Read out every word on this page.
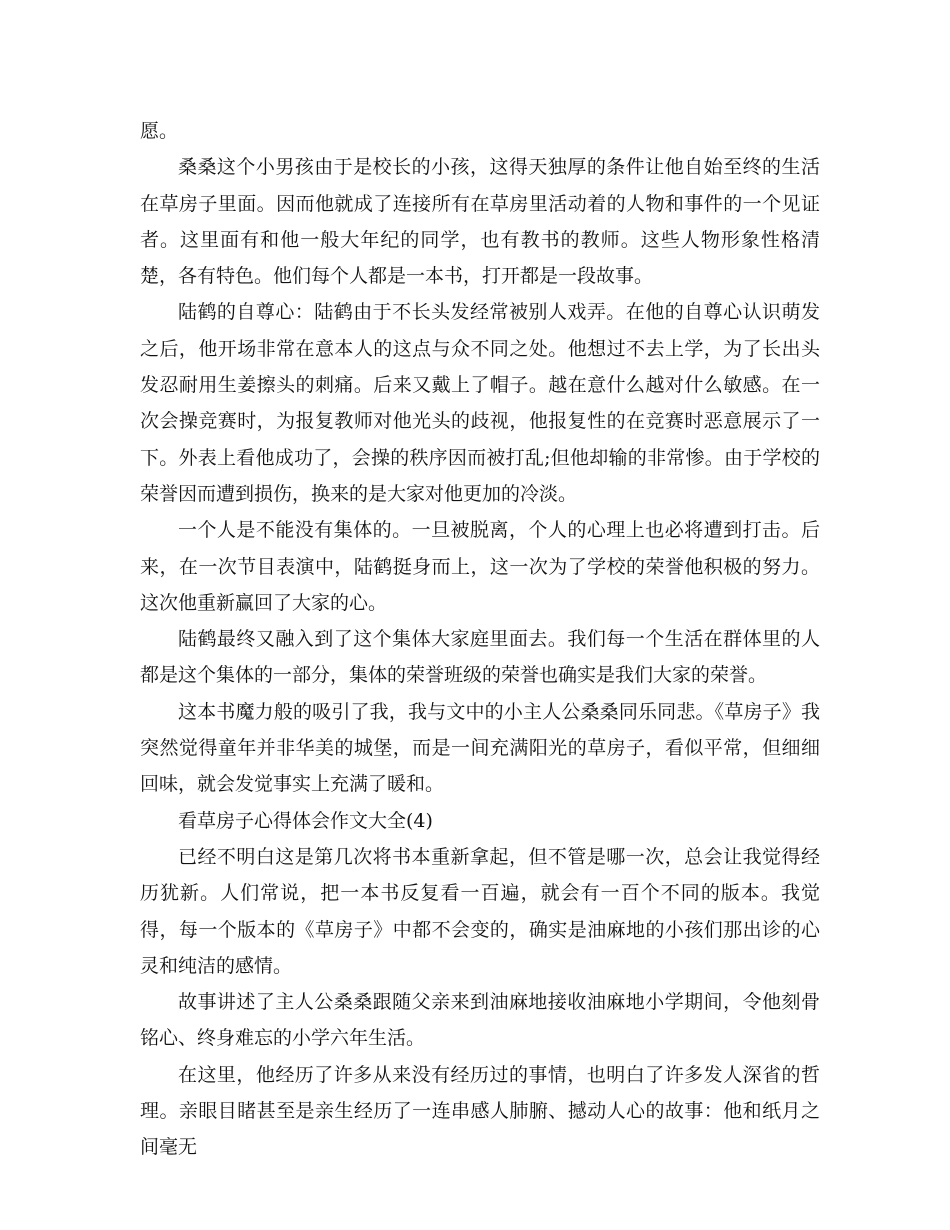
愿。

桑桑这个小男孩由于是校长的小孩，这得天独厚的条件让他自始至终的生活在草房子里面。因而他就成了连接所有在草房里活动着的人物和事件的一个见证者。这里面有和他一般大年纪的同学，也有教书的教师。这些人物形象性格清楚，各有特色。他们每个人都是一本书，打开都是一段故事。

陆鹤的自尊心：陆鹤由于不长头发经常被别人戏弄。在他的自尊心认识萌发之后，他开场非常在意本人的这点与众不同之处。他想过不去上学，为了长出头发忍耐用生姜擦头的刺痛。后来又戴上了帽子。越在意什么越对什么敏感。在一次会操竞赛时，为报复教师对他光头的歧视，他报复性的在竞赛时恶意展示了一下。外表上看他成功了，会操的秩序因而被打乱;但他却输的非常惨。由于学校的荣誉因而遭到损伤，换来的是大家对他更加的冷淡。

一个人是不能没有集体的。一旦被脱离，个人的心理上也必将遭到打击。后来，在一次节目表演中，陆鹤挺身而上，这一次为了学校的荣誉他积极的努力。这次他重新赢回了大家的心。

陆鹤最终又融入到了这个集体大家庭里面去。我们每一个生活在群体里的人都是这个集体的一部分，集体的荣誉班级的荣誉也确实是我们大家的荣誉。

这本书魔力般的吸引了我，我与文中的小主人公桑桑同乐同悲。《草房子》我突然觉得童年并非华美的城堡，而是一间充满阳光的草房子，看似平常，但细细回味，就会发觉事实上充满了暖和。

看草房子心得体会作文大全(4)

已经不明白这是第几次将书本重新拿起，但不管是哪一次，总会让我觉得经历犹新。人们常说，把一本书反复看一百遍，就会有一百个不同的版本。我觉得，每一个版本的《草房子》中都不会变的，确实是油麻地的小孩们那出诊的心灵和纯洁的感情。

故事讲述了主人公桑桑跟随父亲来到油麻地接收油麻地小学期间，令他刻骨铭心、终身难忘的小学六年生活。

在这里，他经历了许多从来没有经历过的事情，也明白了许多发人深省的哲理。亲眼目睹甚至是亲生经历了一连串感人肺腑、撼动人心的故事：他和纸月之间毫无
